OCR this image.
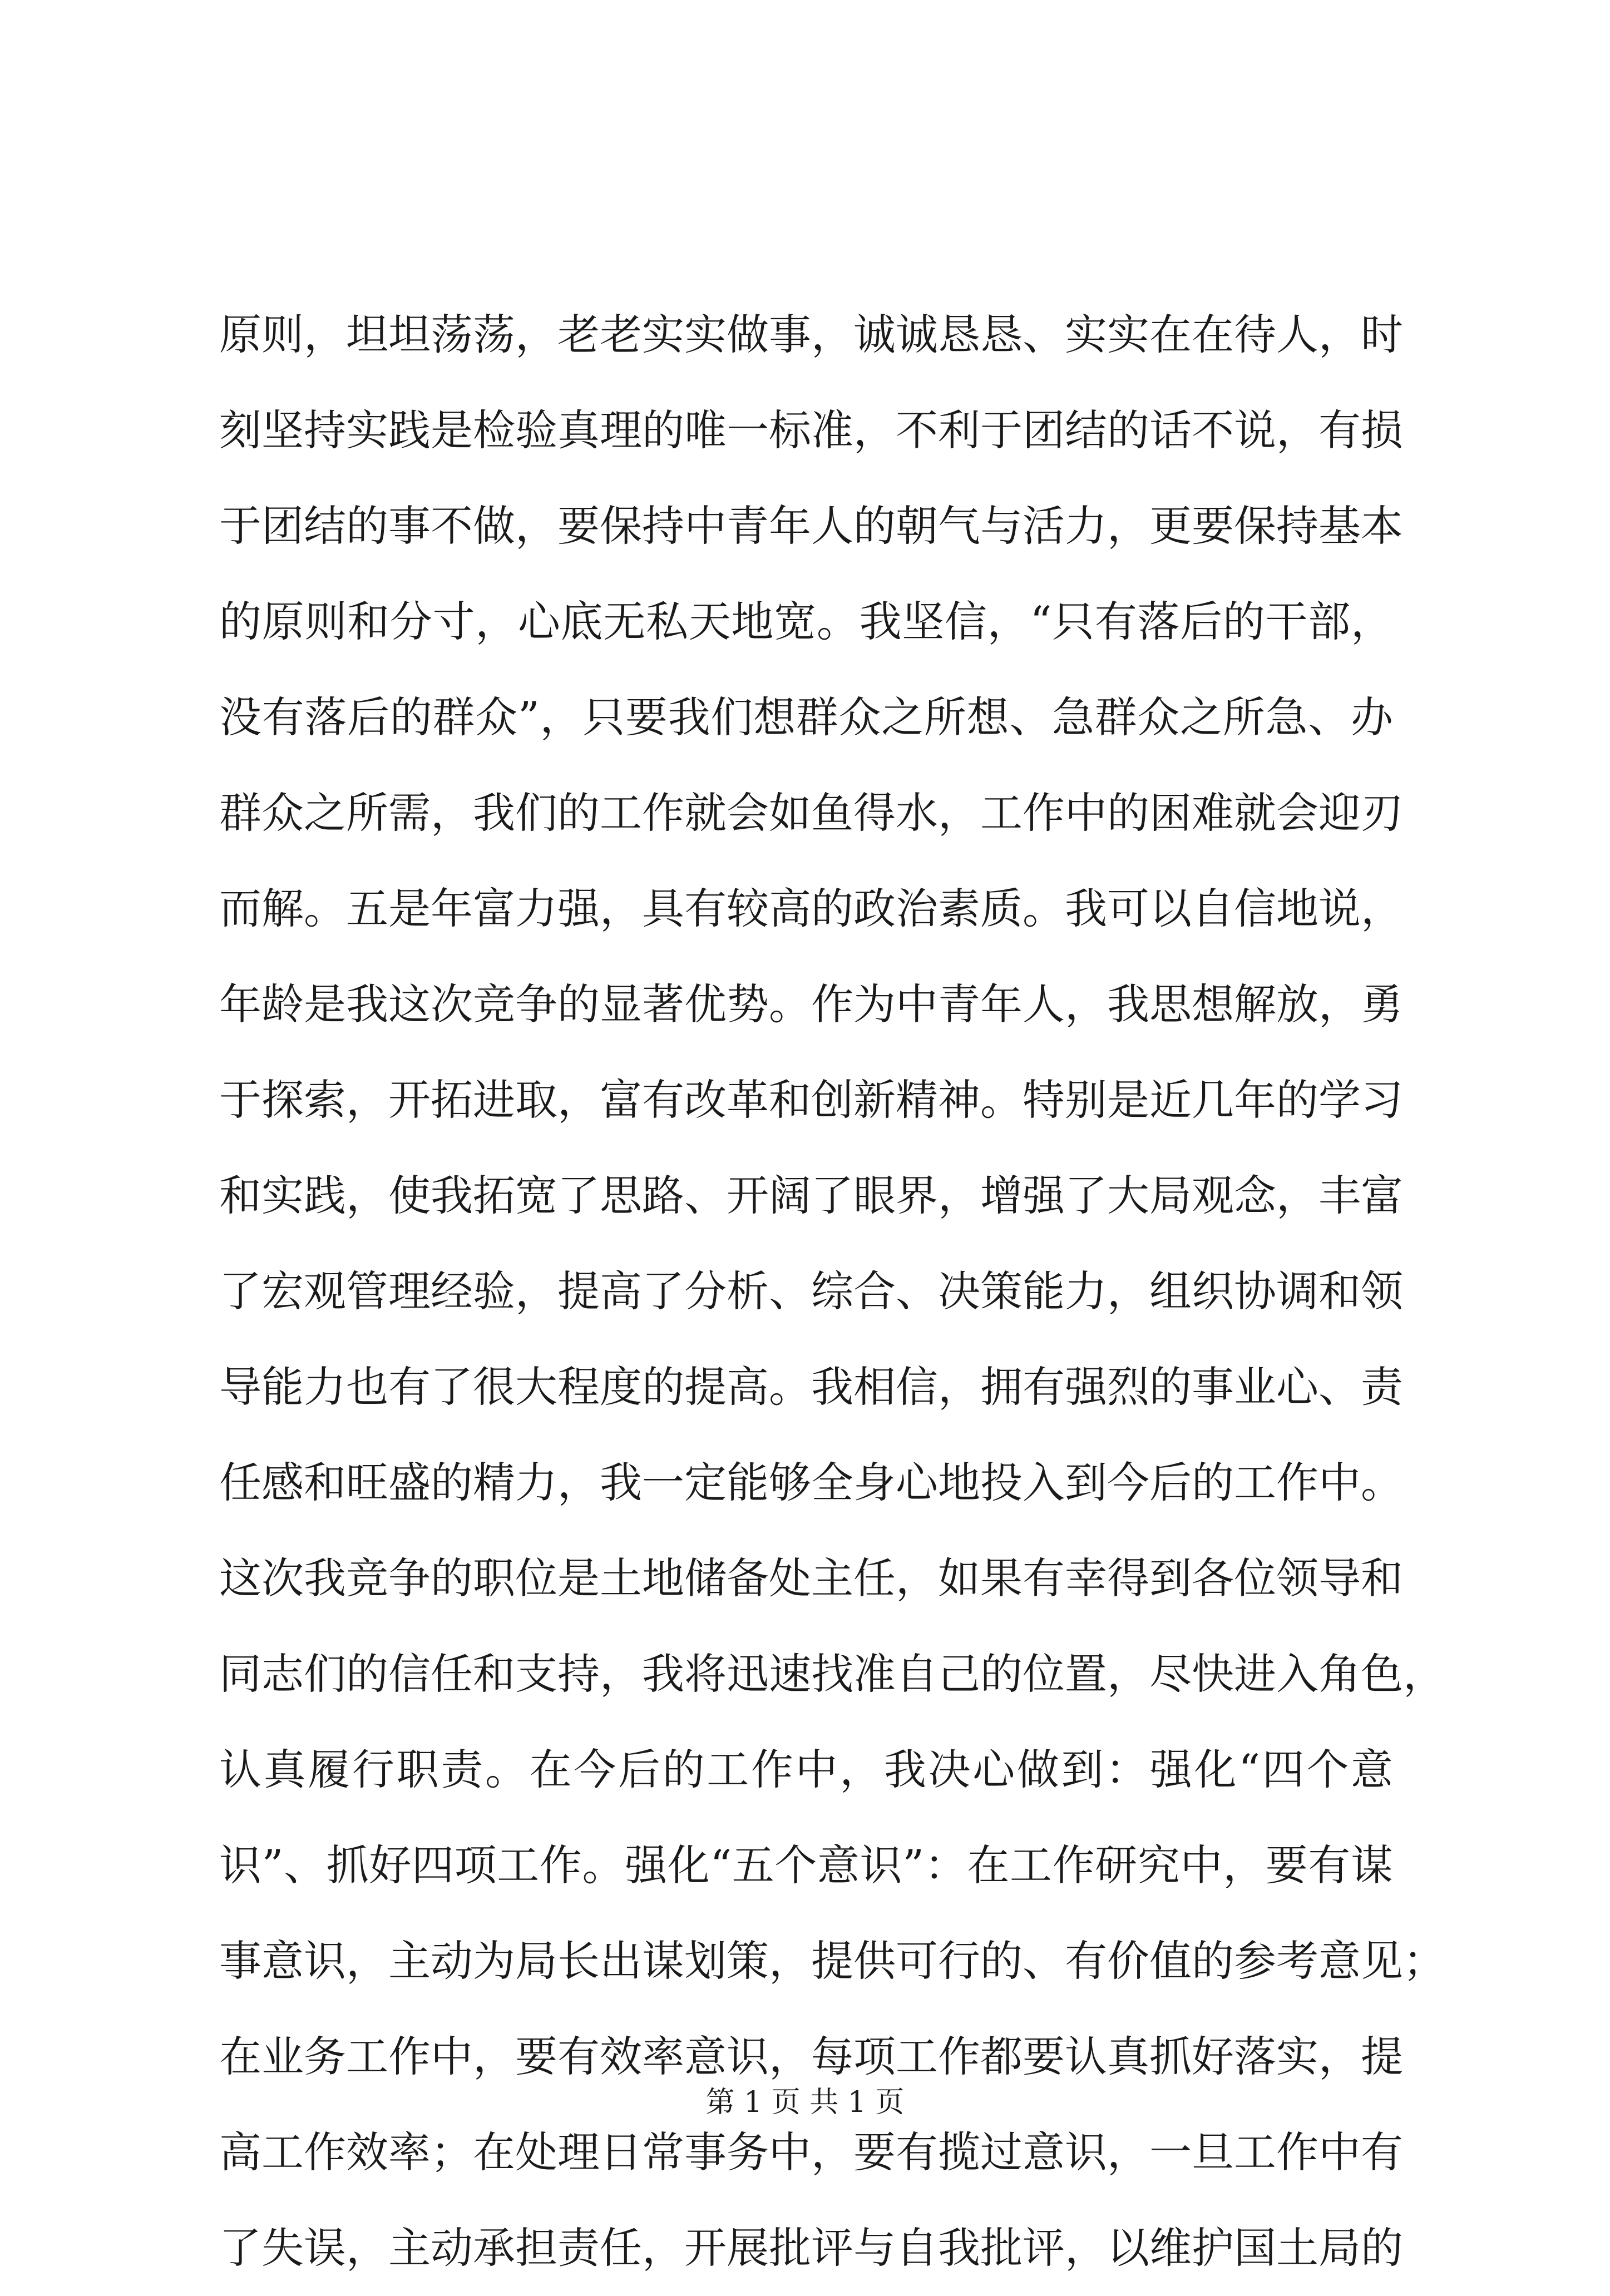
原则，坦坦荡荡，老老实实做事，诚诚恳恳、实实在在待人，时
刻坚持实践是检验真理的唯一标准，不利于团结的话不说，有损
于团结的事不做，要保持中青年人的朝气与活力，更要保持基本
的原则和分寸，心底无私天地宽。我坚信，“只有落后的干部，
没有落后的群众”，只要我们想群众之所想、急群众之所急、办
群众之所需，我们的工作就会如鱼得水，工作中的困难就会迎刃
而解。五是年富力强，具有较高的政治素质。我可以自信地说，
年龄是我这次竞争的显著优势。作为中青年人，我思想解放，勇
于探索，开拓进取，富有改革和创新精神。特别是近几年的学习
和实践，使我拓宽了思路、开阔了眼界，增强了大局观念，丰富
了宏观管理经验，提高了分析、综合、决策能力，组织协调和领
导能力也有了很大程度的提高。我相信，拥有强烈的事业心、责
任感和旺盛的精力，我一定能够全身心地投入到今后的工作中。
这次我竞争的职位是土地储备处主任，如果有幸得到各位领导和
同志们的信任和支持，我将迅速找准自己的位置，尽快进入角色，
认真履行职责。在今后的工作中，我决心做到：强化“四个意
识”、抓好四项工作。强化“五个意识”：在工作研究中，要有谋
事意识，主动为局长出谋划策，提供可行的、有价值的参考意见；
在业务工作中，要有效率意识，每项工作都要认真抓好落实，提
高工作效率；在处理日常事务中，要有揽过意识，一旦工作中有
了失误，主动承担责任，开展批评与自我批评，以维护国土局的
第 1 页 共 1 页
